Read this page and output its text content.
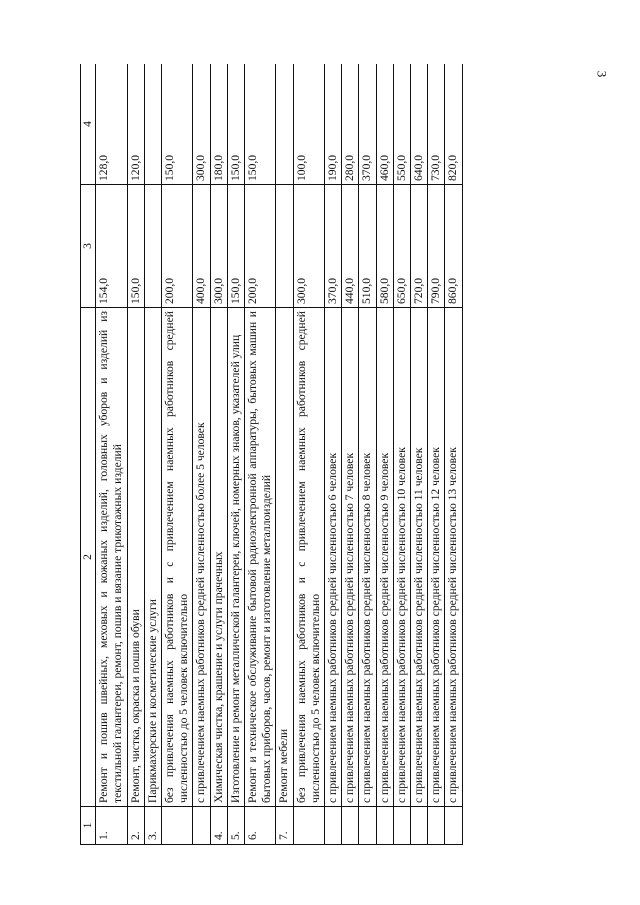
3
1	2	3	4
1.	Ремонт и пошив швейных, меховых и кожаных изделий, головных уборов и изделий из текстильной галантереи, ремонт, пошив и вязание трикотажных изделий	154,0	128,0
2.	Ремонт, чистка, окраска и пошив обуви	150,0	120,0
3.	Парикмахерские и косметические услуги		
	без привлечения наемных работников и с привлечением наемных работников средней численностью до 5 человек включительно	200,0	150,0
	с привлечением наемных работников средней численностью более 5 человек	400,0	300,0
4.	Химическая чистка, крашение и услуги прачечных	300,0	180,0
5.	Изготовление и ремонт металлической галантереи, ключей, номерных знаков, указателей улиц	150,0	150,0
6.	Ремонт и техническое обслуживание бытовой радиоэлектронной аппаратуры, бытовых машин и бытовых приборов, часов, ремонт и изготовление металлоизделий	200,0	150,0
7.	Ремонт мебели		
	без привлечения наемных работников и с привлечением наемных работников средней численностью до 5 человек включительно	300,0	100,0
	с привлечением наемных работников средней численностью 6 человек	370,0	190,0
	с привлечением наемных работников средней численностью 7 человек	440,0	280,0
	с привлечением наемных работников средней численностью 8 человек	510,0	370,0
	с привлечением наемных работников средней численностью 9 человек	580,0	460,0
	с привлечением наемных работников средней численностью 10 человек	650,0	550,0
	с привлечением наемных работников средней численностью 11 человек	720,0	640,0
	с привлечением наемных работников средней численностью 12 человек	790,0	730,0
	с привлечением наемных работников средней численностью 13 человек	860,0	820,0
